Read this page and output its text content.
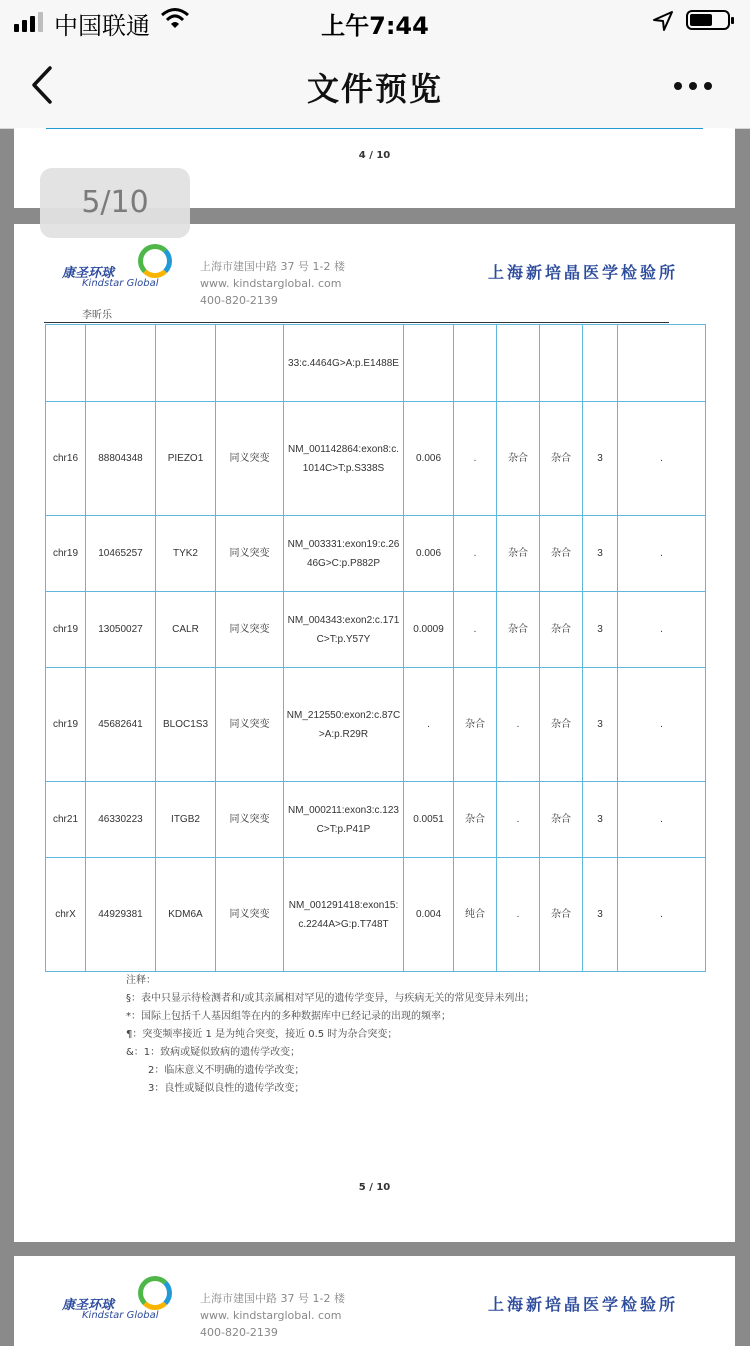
中国联通	上午7:44
文件预览
4 / 10
康圣环球
Kindstar Global
上海市建国中路 37 号 1-2 楼
www. kindstarglobal. com
400-820-2139
上海新培晶医学检验所
李昕乐
				33:c.4464G>A:p.E1488E						
chr16	88804348	PIEZO1	同义突变	NM_001142864:exon8:c.1014C>T:p.S338S	0.006	.	杂合	杂合	3	.
chr19	10465257	TYK2	同义突变	NM_003331:exon19:c.2646G>C:p.P882P	0.006	.	杂合	杂合	3	.
chr19	13050027	CALR	同义突变	NM_004343:exon2:c.171C>T:p.Y57Y	0.0009	.	杂合	杂合	3	.
chr19	45682641	BLOC1S3	同义突变	NM_212550:exon2:c.87C>A:p.R29R	.	杂合	.	杂合	3	.
chr21	46330223	ITGB2	同义突变	NM_000211:exon3:c.123C>T:p.P41P	0.0051	杂合	.	杂合	3	.
chrX	44929381	KDM6A	同义突变	NM_001291418:exon15:c.2244A>G:p.T748T	0.004	纯合	.	杂合	3	.
注释：
§：表中只显示待检测者和/或其亲属相对罕见的遗传学变异，与疾病无关的常见变异未列出；
*：国际上包括千人基因组等在内的多种数据库中已经记录的出现的频率；
¶：突变频率接近 1 是为纯合突变，接近 0.5 时为杂合突变；
&：1：致病或疑似致病的遗传学改变；
2：临床意义不明确的遗传学改变；
3：良性或疑似良性的遗传学改变；
5 / 10
5/10
康圣环球
Kindstar Global
上海市建国中路 37 号 1-2 楼
www. kindstarglobal. com
400-820-2139
上海新培晶医学检验所
